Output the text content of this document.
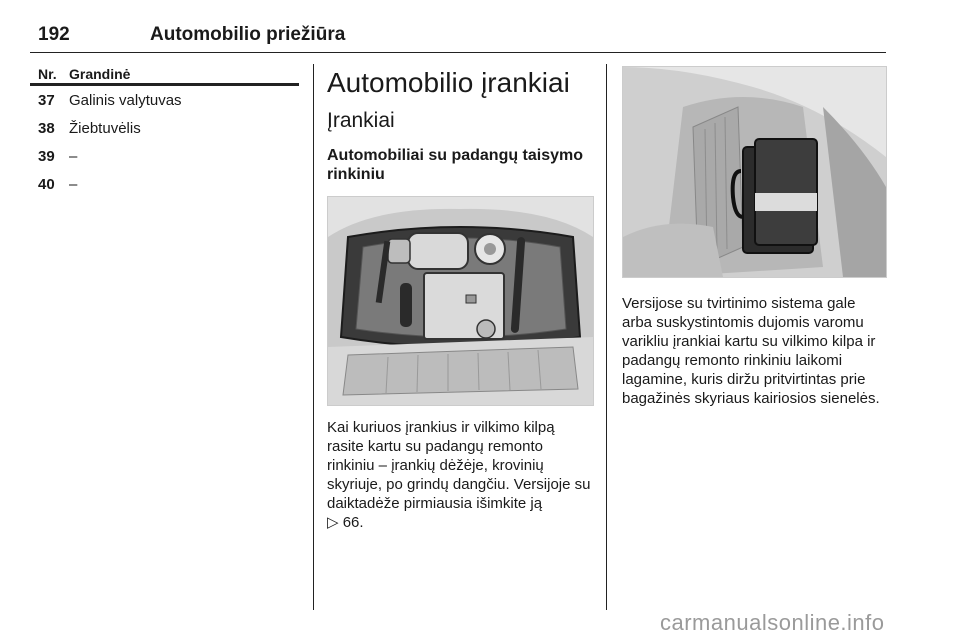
192	Automobilio priežiūra
Nr. Grandinė
37 Galinis valytuvas
38 Žiebtuvėlis
39 –
40 –
Automobilio įrankiai
Įrankiai
Automobiliai su padangų taisymo rinkiniu
Kai kuriuos įrankius ir vilkimo kilpą rasite kartu su padangų remonto rinkiniu – įrankių dėžėje, krovinių skyriuje, po grindų dangčiu. Versijoje su daiktadėže pirmiausia išimkite ją
▷ 66.
Versijose su tvirtinimo sistema gale arba suskystintomis dujomis varomu varikliu įrankiai kartu su vilkimo kilpa ir padangų remonto rinkiniu laikomi lagamine, kuris diržu pritvirtintas prie bagažinės skyriaus kairiosios sienelės.
carmanualsonline.info
